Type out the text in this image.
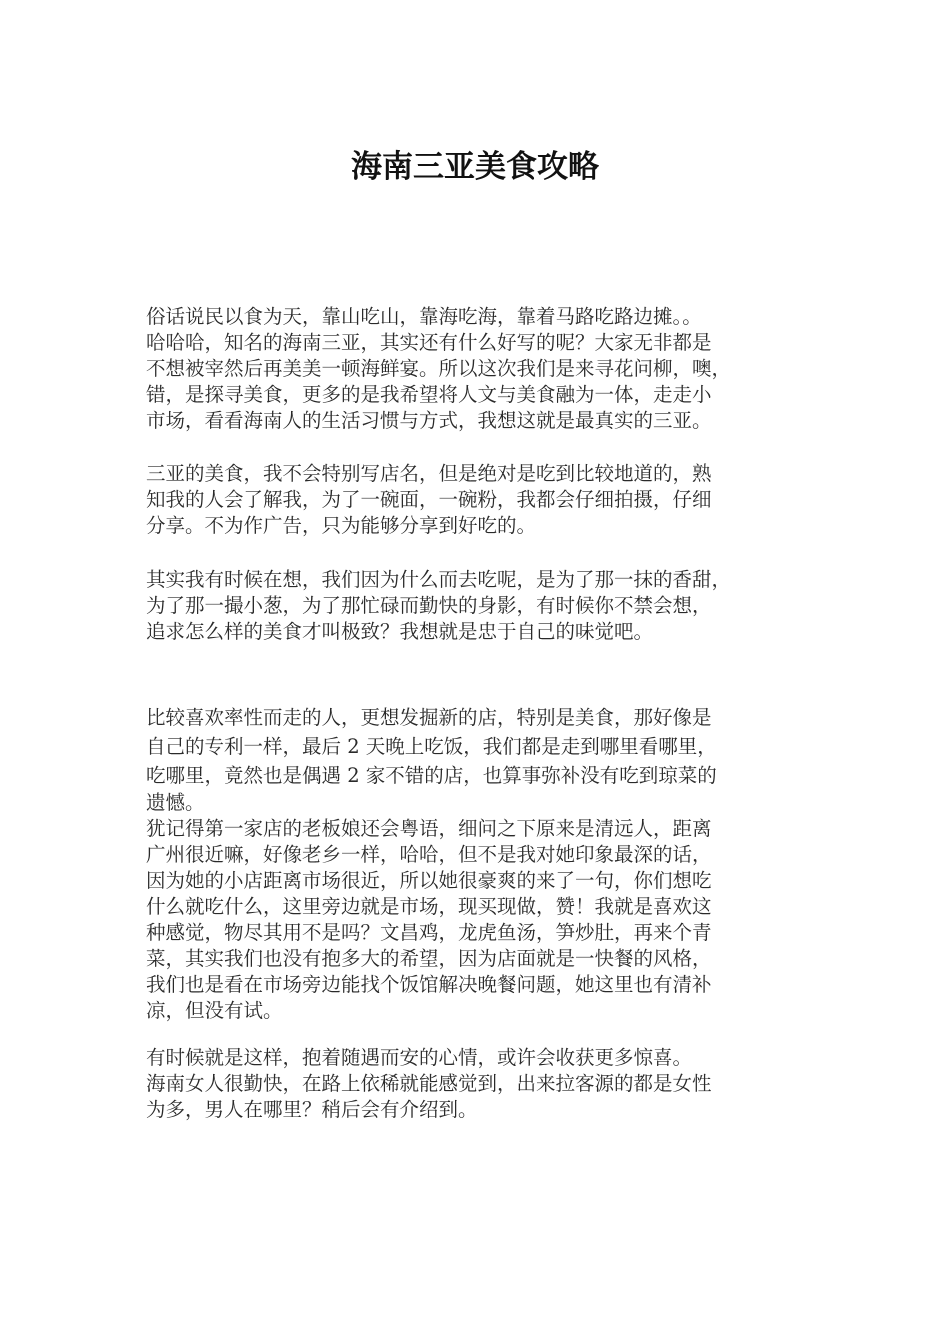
海南三亚美食攻略

俗话说民以食为天，靠山吃山，靠海吃海，靠着马路吃路边摊。。
哈哈哈，知名的海南三亚，其实还有什么好写的呢？大家无非都是
不想被宰然后再美美一顿海鲜宴。所以这次我们是来寻花问柳，噢，
错，是探寻美食，更多的是我希望将人文与美食融为一体，走走小
市场，看看海南人的生活习惯与方式，我想这就是最真实的三亚。

三亚的美食，我不会特别写店名，但是绝对是吃到比较地道的，熟
知我的人会了解我，为了一碗面，一碗粉，我都会仔细拍摄，仔细
分享。不为作广告，只为能够分享到好吃的。

其实我有时候在想，我们因为什么而去吃呢，是为了那一抹的香甜，
为了那一撮小葱，为了那忙碌而勤快的身影，有时候你不禁会想，
追求怎么样的美食才叫极致？我想就是忠于自己的味觉吧。

比较喜欢率性而走的人，更想发掘新的店，特别是美食，那好像是
自己的专利一样，最后 2 天晚上吃饭，我们都是走到哪里看哪里，
吃哪里，竟然也是偶遇 2 家不错的店，也算事弥补没有吃到琼菜的
遗憾。
犹记得第一家店的老板娘还会粤语，细问之下原来是清远人，距离
广州很近嘛，好像老乡一样，哈哈，但不是我对她印象最深的话，
因为她的小店距离市场很近，所以她很豪爽的来了一句，你们想吃
什么就吃什么，这里旁边就是市场，现买现做，赞！我就是喜欢这
种感觉，物尽其用不是吗？文昌鸡，龙虎鱼汤，笋炒肚，再来个青
菜，其实我们也没有抱多大的希望，因为店面就是一快餐的风格，
我们也是看在市场旁边能找个饭馆解决晚餐问题，她这里也有清补
凉，但没有试。

有时候就是这样，抱着随遇而安的心情，或许会收获更多惊喜。
海南女人很勤快，在路上依稀就能感觉到，出来拉客源的都是女性
为多，男人在哪里？稍后会有介绍到。
